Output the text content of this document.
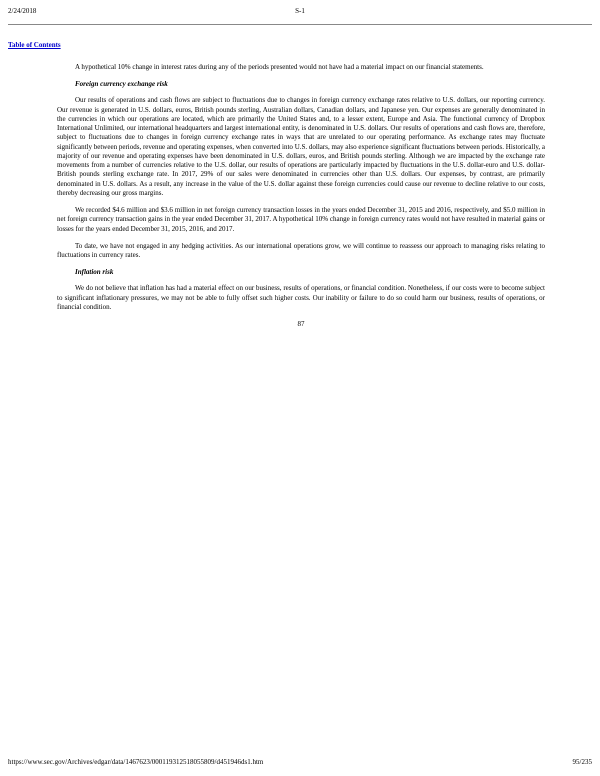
2/24/2018	S-1
Table of Contents

A hypothetical 10% change in interest rates during any of the periods presented would not have had a material impact on our financial statements.

Foreign currency exchange risk

Our results of operations and cash flows are subject to fluctuations due to changes in foreign currency exchange rates relative to U.S. dollars, our reporting currency. Our revenue is generated in U.S. dollars, euros, British pounds sterling, Australian dollars, Canadian dollars, and Japanese yen. Our expenses are generally denominated in the currencies in which our operations are located, which are primarily the United States and, to a lesser extent, Europe and Asia. The functional currency of Dropbox International Unlimited, our international headquarters and largest international entity, is denominated in U.S. dollars. Our results of operations and cash flows are, therefore, subject to fluctuations due to changes in foreign currency exchange rates in ways that are unrelated to our operating performance. As exchange rates may fluctuate significantly between periods, revenue and operating expenses, when converted into U.S. dollars, may also experience significant fluctuations between periods. Historically, a majority of our revenue and operating expenses have been denominated in U.S. dollars, euros, and British pounds sterling. Although we are impacted by the exchange rate movements from a number of currencies relative to the U.S. dollar, our results of operations are particularly impacted by fluctuations in the U.S. dollar-euro and U.S. dollar-British pounds sterling exchange rate. In 2017, 29% of our sales were denominated in currencies other than U.S. dollars. Our expenses, by contrast, are primarily denominated in U.S. dollars. As a result, any increase in the value of the U.S. dollar against these foreign currencies could cause our revenue to decline relative to our costs, thereby decreasing our gross margins.

We recorded $4.6 million and $3.6 million in net foreign currency transaction losses in the years ended December 31, 2015 and 2016, respectively, and $5.0 million in net foreign currency transaction gains in the year ended December 31, 2017. A hypothetical 10% change in foreign currency rates would not have resulted in material gains or losses for the years ended December 31, 2015, 2016, and 2017.

To date, we have not engaged in any hedging activities. As our international operations grow, we will continue to reassess our approach to managing risks relating to fluctuations in currency rates.

Inflation risk

We do not believe that inflation has had a material effect on our business, results of operations, or financial condition. Nonetheless, if our costs were to become subject to significant inflationary pressures, we may not be able to fully offset such higher costs. Our inability or failure to do so could harm our business, results of operations, or financial condition.

87

https://www.sec.gov/Archives/edgar/data/1467623/000119312518055809/d451946ds1.htm	95/235
